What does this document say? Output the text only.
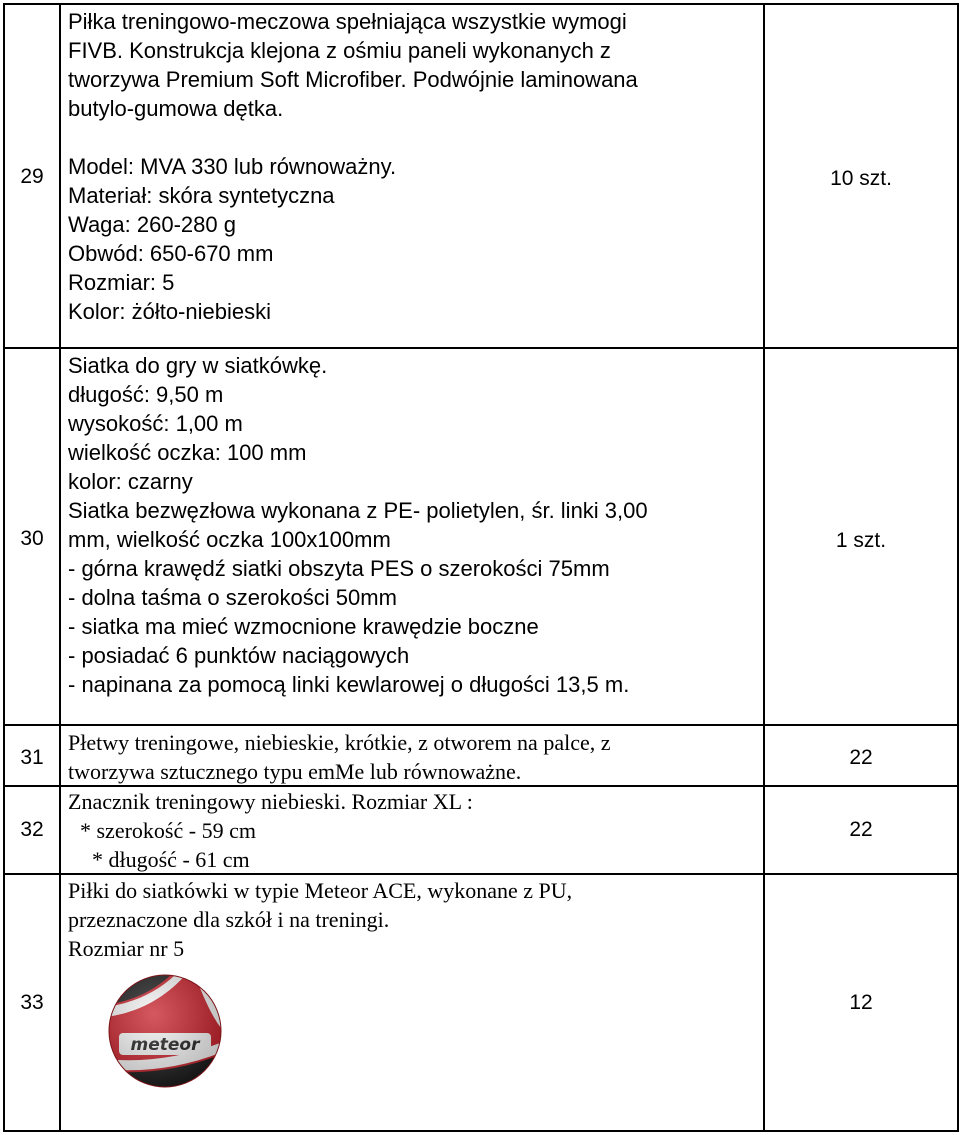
29
Piłka treningowo-meczowa spełniająca wszystkie wymogi
FIVB. Konstrukcja klejona z ośmiu paneli wykonanych z
tworzywa Premium Soft Microfiber. Podwójnie laminowana
butylo-gumowa dętka.

Model: MVA 330 lub równoważny.
Materiał: skóra syntetyczna
Waga: 260-280 g
Obwód: 650-670 mm
Rozmiar: 5
Kolor: żółto-niebieski
10 szt.
30
Siatka do gry w siatkówkę.
długość: 9,50 m
wysokość: 1,00 m
wielkość oczka: 100 mm
kolor: czarny
Siatka bezwęzłowa wykonana z PE- polietylen, śr. linki 3,00
mm, wielkość oczka 100x100mm
- górna krawędź siatki obszyta PES o szerokości 75mm
- dolna taśma o szerokości 50mm
- siatka ma mieć wzmocnione krawędzie boczne
- posiadać 6 punktów naciągowych
- napinana za pomocą linki kewlarowej o długości 13,5 m.
1 szt.
31
Płetwy treningowe, niebieskie, krótkie, z otworem na palce, z
tworzywa sztucznego typu emMe lub równoważne.
22
32
Znacznik treningowy niebieski. Rozmiar XL :
* szerokość - 59 cm
* długość - 61 cm
22
33
Piłki do siatkówki w typie Meteor ACE, wykonane z PU,
przeznaczone dla szkół i na treningi.
Rozmiar nr 5
12
